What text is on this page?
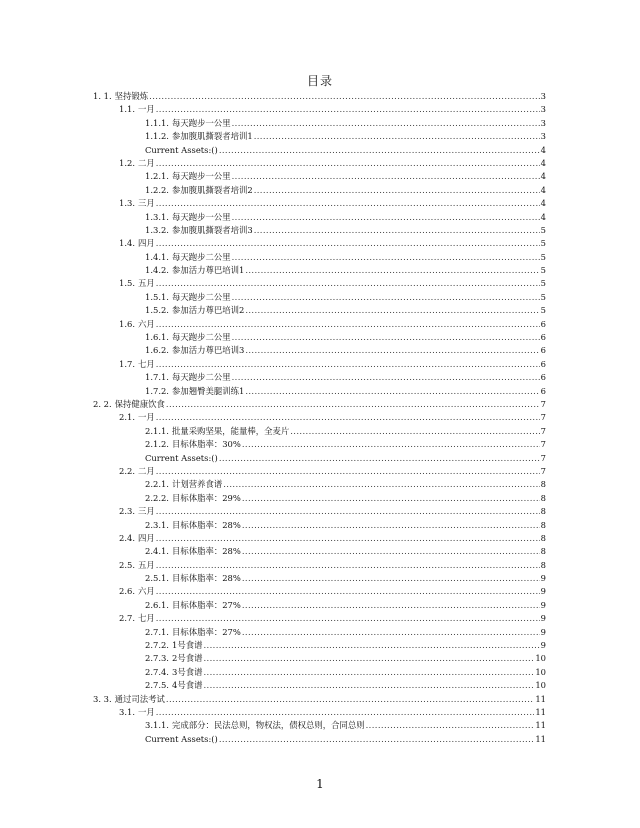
目录
1. 1. 坚持锻炼 .....	3
1.1. 一月 .....	3
1.1.1. 每天跑步一公里 .....	3
1.1.2. 参加腹肌撕裂者培训1 .....	3
Current Assets:() .....	4
1.2. 二月 .....	4
1.2.1. 每天跑步一公里 .....	4
1.2.2. 参加腹肌撕裂者培训2 .....	4
1.3. 三月 .....	4
1.3.1. 每天跑步一公里 .....	4
1.3.2. 参加腹肌撕裂者培训3 .....	5
1.4. 四月 .....	5
1.4.1. 每天跑步二公里 .....	5
1.4.2. 参加活力尊巴培训1 .....	5
1.5. 五月 .....	5
1.5.1. 每天跑步二公里 .....	5
1.5.2. 参加活力尊巴培训2 .....	5
1.6. 六月 .....	6
1.6.1. 每天跑步二公里 .....	6
1.6.2. 参加活力尊巴培训3 .....	6
1.7. 七月 .....	6
1.7.1. 每天跑步二公里 .....	6
1.7.2. 参加翘臀美腿训练1 .....	6
2. 2. 保持健康饮食 .....	7
2.1. 一月 .....	7
2.1.1. 批量采购坚果，能量棒，全麦片 .....	7
2.1.2. 目标体脂率：30% .....	7
Current Assets:() .....	7
2.2. 二月 .....	7
2.2.1. 计划营养食谱 .....	8
2.2.2. 目标体脂率：29% .....	8
2.3. 三月 .....	8
2.3.1. 目标体脂率：28% .....	8
2.4. 四月 .....	8
2.4.1. 目标体脂率：28% .....	8
2.5. 五月 .....	8
2.5.1. 目标体脂率：28% .....	9
2.6. 六月 .....	9
2.6.1. 目标体脂率：27% .....	9
2.7. 七月 .....	9
2.7.1. 目标体脂率：27% .....	9
2.7.2. 1号食谱 .....	9
2.7.3. 2号食谱 .....	10
2.7.4. 3号食谱 .....	10
2.7.5. 4号食谱 .....	10
3. 3. 通过司法考试 .....	11
3.1. 一月 .....	11
3.1.1. 完成部分：民法总则，物权法，债权总则，合同总则 .....	11
Current Assets:() .....	11
1
